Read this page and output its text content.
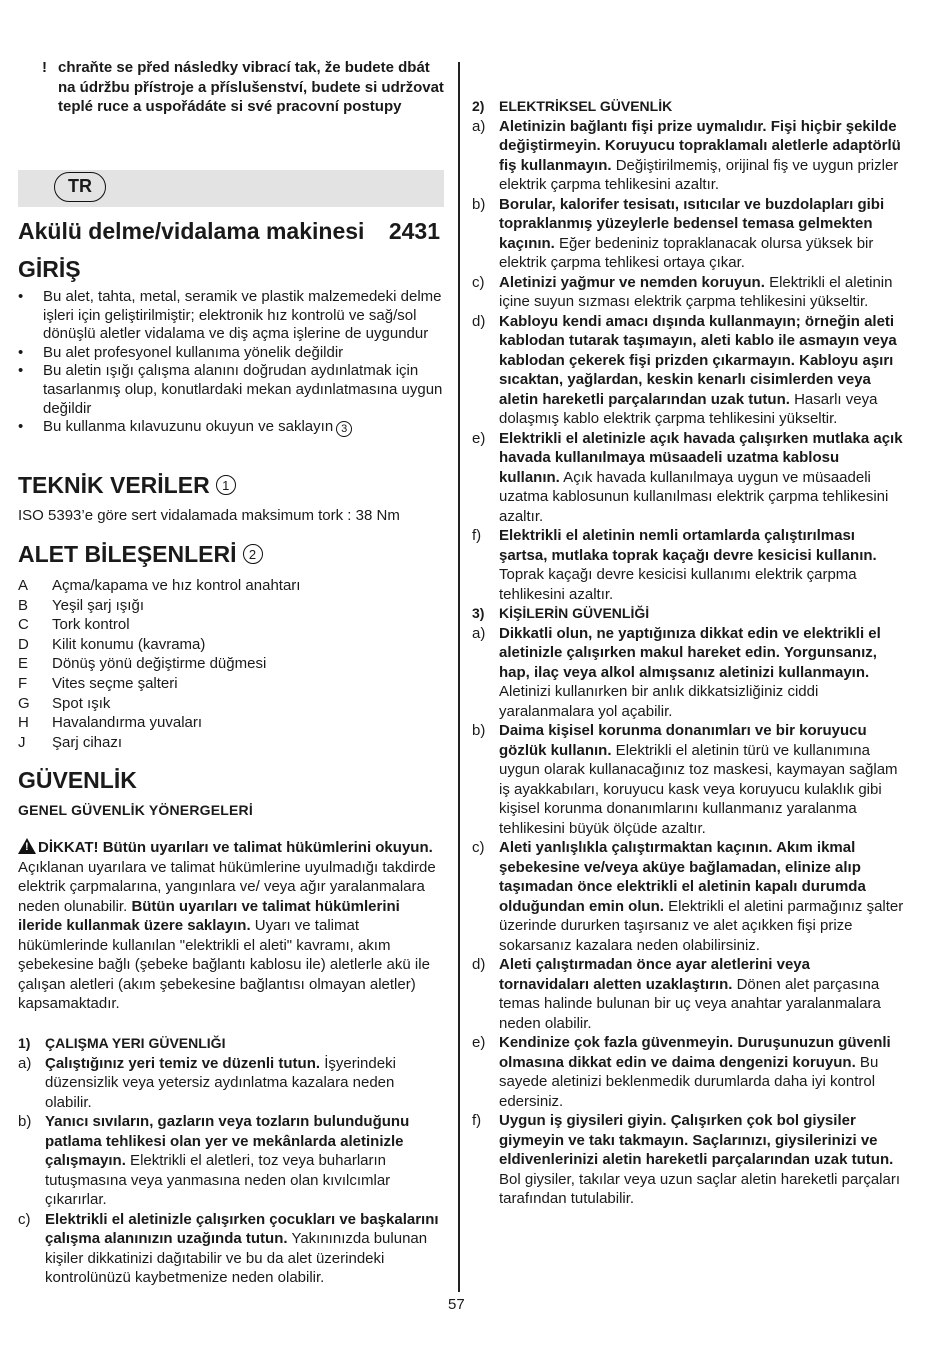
! chraňte se před následky vibrací tak, že budete dbát na údržbu přístroje a příslušenství, budete si udržovat teplé ruce a uspořádáte si své pracovní postupy
TR
Akülü delme/vidalama makinesi 2431
GİRİŞ
• Bu alet, tahta, metal, seramik ve plastik malzemedeki delme işleri için geliştirilmiştir; elektronik hız kontrolü ve sağ/sol dönüşlü aletler vidalama ve diş açma işlerine de uygundur
• Bu alet profesyonel kullanıma yönelik değildir
• Bu aletin ışığı çalışma alanını doğrudan aydınlatmak için tasarlanmış olup, konutlardaki mekan aydınlatmasına uygun değildir
• Bu kullanma kılavuzunu okuyun ve saklayın 3
TEKNİK VERİLER 1
ISO 5393’e göre sert vidalamada maksimum tork : 38 Nm
ALET BİLEŞENLERİ 2
A Açma/kapama ve hız kontrol anahtarı
B Yeşil şarj ışığı
C Tork kontrol
D Kilit konumu (kavrama)
E Dönüş yönü değiştirme düğmesi
F Vites seçme şalteri
G Spot ışık
H Havalandırma yuvaları
J Şarj cihazı
GÜVENLİK
GENEL GÜVENLİK YÖNERGELERİ
! DİKKAT! Bütün uyarıları ve talimat hükümlerini okuyun. Açıklanan uyarılara ve talimat hükümlerine uyulmadığı takdirde elektrik çarpmalarına, yangınlara ve/ veya ağır yaralanmalara neden olunabilir. Bütün uyarıları ve talimat hükümlerini ileride kullanmak üzere saklayın. Uyarı ve talimat hükümlerinde kullanılan "elektrikli el aleti" kavramı, akım şebekesine bağlı (şebeke bağlantı kablosu ile) aletlerle akü ile çalışan aletleri (akım şebekesine bağlantısı olmayan aletler) kapsamaktadır.
1) ÇALIŞMA YERI GÜVENLIĞI
a) Çalıştığınız yeri temiz ve düzenli tutun. İşyerindeki düzensizlik veya yetersiz aydınlatma kazalara neden olabilir.
b) Yanıcı sıvıların, gazların veya tozların bulunduğunu patlama tehlikesi olan yer ve mekânlarda aletinizle çalışmayın. Elektrikli el aletleri, toz veya buharların tutuşmasına veya yanmasına neden olan kıvılcımlar çıkarırlar.
c) Elektrikli el aletinizle çalışırken çocukları ve başkalarını çalışma alanınızın uzağında tutun. Yakınınızda bulunan kişiler dikkatinizi dağıtabilir ve bu da alet üzerindeki kontrolünüzü kaybetmenize neden olabilir.
2) ELEKTRİKSEL GÜVENLİK
a) Aletinizin bağlantı fişi prize uymalıdır. Fişi hiçbir şekilde değiştirmeyin. Koruyucu topraklamalı aletlerle adaptörlü fiş kullanmayın. Değiştirilmemiş, orijinal fiş ve uygun prizler elektrik çarpma tehlikesini azaltır.
b) Borular, kalorifer tesisatı, ısıtıcılar ve buzdolapları gibi topraklanmış yüzeylerle bedensel temasa gelmekten kaçının. Eğer bedeniniz topraklanacak olursa yüksek bir elektrik çarpma tehlikesi ortaya çıkar.
c) Aletinizi yağmur ve nemden koruyun. Elektrikli el aletinin içine suyun sızması elektrik çarpma tehlikesini yükseltir.
d) Kabloyu kendi amacı dışında kullanmayın; örneğin aleti kablodan tutarak taşımayın, aleti kablo ile asmayın veya kablodan çekerek fişi prizden çıkarmayın. Kabloyu aşırı sıcaktan, yağlardan, keskin kenarlı cisimlerden veya aletin hareketli parçalarından uzak tutun. Hasarlı veya dolaşmış kablo elektrik çarpma tehlikesini yükseltir.
e) Elektrikli el aletinizle açık havada çalışırken mutlaka açık havada kullanılmaya müsaadeli uzatma kablosu kullanın. Açık havada kullanılmaya uygun ve müsaadeli uzatma kablosunun kullanılması elektrik çarpma tehlikesini azaltır.
f) Elektrikli el aletinin nemli ortamlarda çalıştırılması şartsa, mutlaka toprak kaçağı devre kesicisi kullanın. Toprak kaçağı devre kesicisi kullanımı elektrik çarpma tehlikesini azaltır.
3) KİŞİLERİN GÜVENLİĞİ
a) Dikkatli olun, ne yaptığınıza dikkat edin ve elektrikli el aletinizle çalışırken makul hareket edin. Yorgunsanız, hap, ilaç veya alkol almışsanız aletinizi kullanmayın. Aletinizi kullanırken bir anlık dikkatsizliğiniz ciddi yaralanmalara yol açabilir.
b) Daima kişisel korunma donanımları ve bir koruyucu gözlük kullanın. Elektrikli el aletinin türü ve kullanımına uygun olarak kullanacağınız toz maskesi, kaymayan sağlam iş ayakkabıları, koruyucu kask veya koruyucu kulaklık gibi kişisel korunma donanımlarını kullanmanız yaralanma tehlikesini büyük ölçüde azaltır.
c) Aleti yanlışlıkla çalıştırmaktan kaçının. Akım ikmal şebekesine ve/veya aküye bağlamadan, elinize alıp taşımadan önce elektrikli el aletinin kapalı durumda olduğundan emin olun. Elektrikli el aletini parmağınız şalter üzerinde dururken taşırsanız ve alet açıkken fişi prize sokarsanız kazalara neden olabilirsiniz.
d) Aleti çalıştırmadan önce ayar aletlerini veya tornavidaları aletten uzaklaştırın. Dönen alet parçasına temas halinde bulunan bir uç veya anahtar yaralanmalara neden olabilir.
e) Kendinize çok fazla güvenmeyin. Duruşunuzun güvenli olmasına dikkat edin ve daima dengenizi koruyun. Bu sayede aletinizi beklenmedik durumlarda daha iyi kontrol edersiniz.
f) Uygun iş giysileri giyin. Çalışırken çok bol giysiler giymeyin ve takı takmayın. Saçlarınızı, giysilerinizi ve eldivenlerinizi aletin hareketli parçalarından uzak tutun. Bol giysiler, takılar veya uzun saçlar aletin hareketli parçaları tarafından tutulabilir.
57
